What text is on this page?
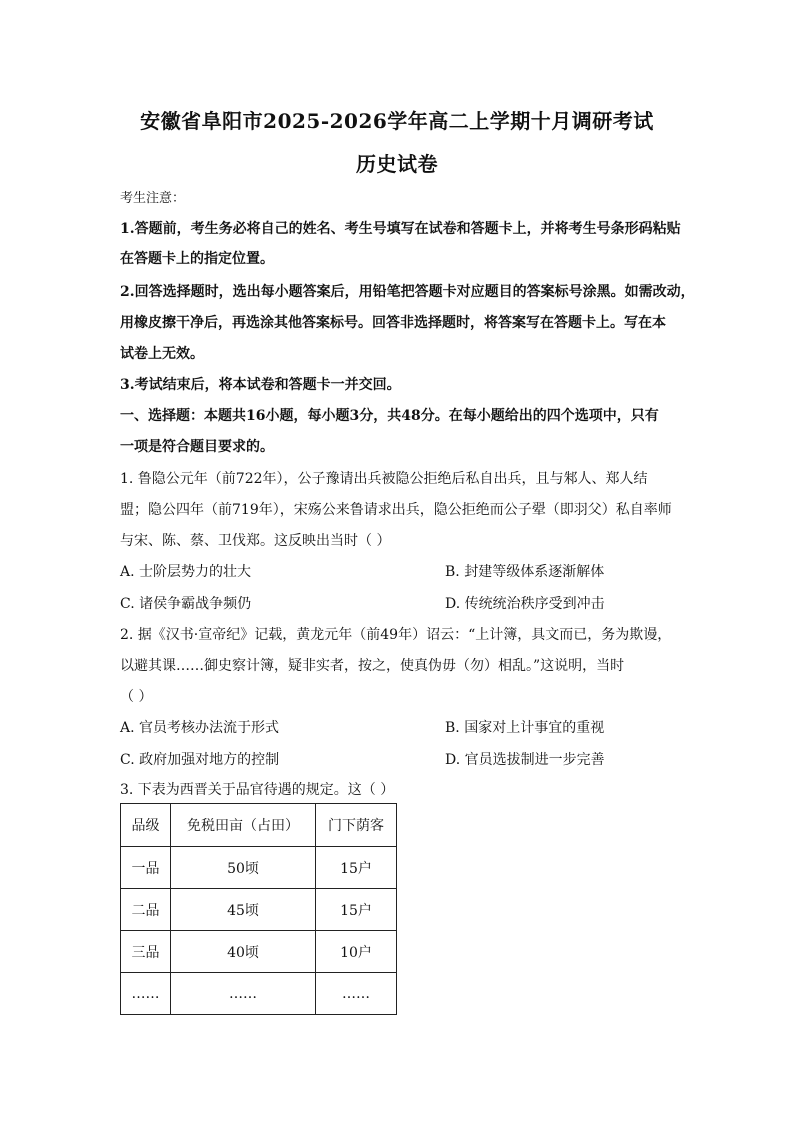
安徽省阜阳市2025-2026学年高二上学期十月调研考试
历史试卷
考生注意：
1.答题前，考生务必将自己的姓名、考生号填写在试卷和答题卡上，并将考生号条形码粘贴
在答题卡上的指定位置。
2.回答选择题时，选出每小题答案后，用铅笔把答题卡对应题目的答案标号涂黑。如需改动，
用橡皮擦干净后，再选涂其他答案标号。回答非选择题时，将答案写在答题卡上。写在本
试卷上无效。
3.考试结束后，将本试卷和答题卡一并交回。
一、选择题：本题共16小题，每小题3分，共48分。在每小题给出的四个选项中，只有
一项是符合题目要求的。
1. 鲁隐公元年（前722年），公子豫请出兵被隐公拒绝后私自出兵，且与邾人、郑人结
盟；隐公四年（前719年），宋殇公来鲁请求出兵，隐公拒绝而公子翚（即羽父）私自率师
与宋、陈、蔡、卫伐郑。这反映出当时（ ）
A. 士阶层势力的壮大	B. 封建等级体系逐渐解体
C. 诸侯争霸战争频仍	D. 传统统治秩序受到冲击
2. 据《汉书·宣帝纪》记载，黄龙元年（前49年）诏云：“上计簿，具文而已，务为欺谩，
以避其课……御史察计簿，疑非实者，按之，使真伪毋（勿）相乱。”这说明，当时
（ ）
A. 官员考核办法流于形式	B. 国家对上计事宜的重视
C. 政府加强对地方的控制	D. 官员选拔制进一步完善
3. 下表为西晋关于品官待遇的规定。这（ ）
品级	免税田亩（占田）	门下荫客
一品	50顷	15户
二品	45顷	15户
三品	40顷	10户
……	……	……
